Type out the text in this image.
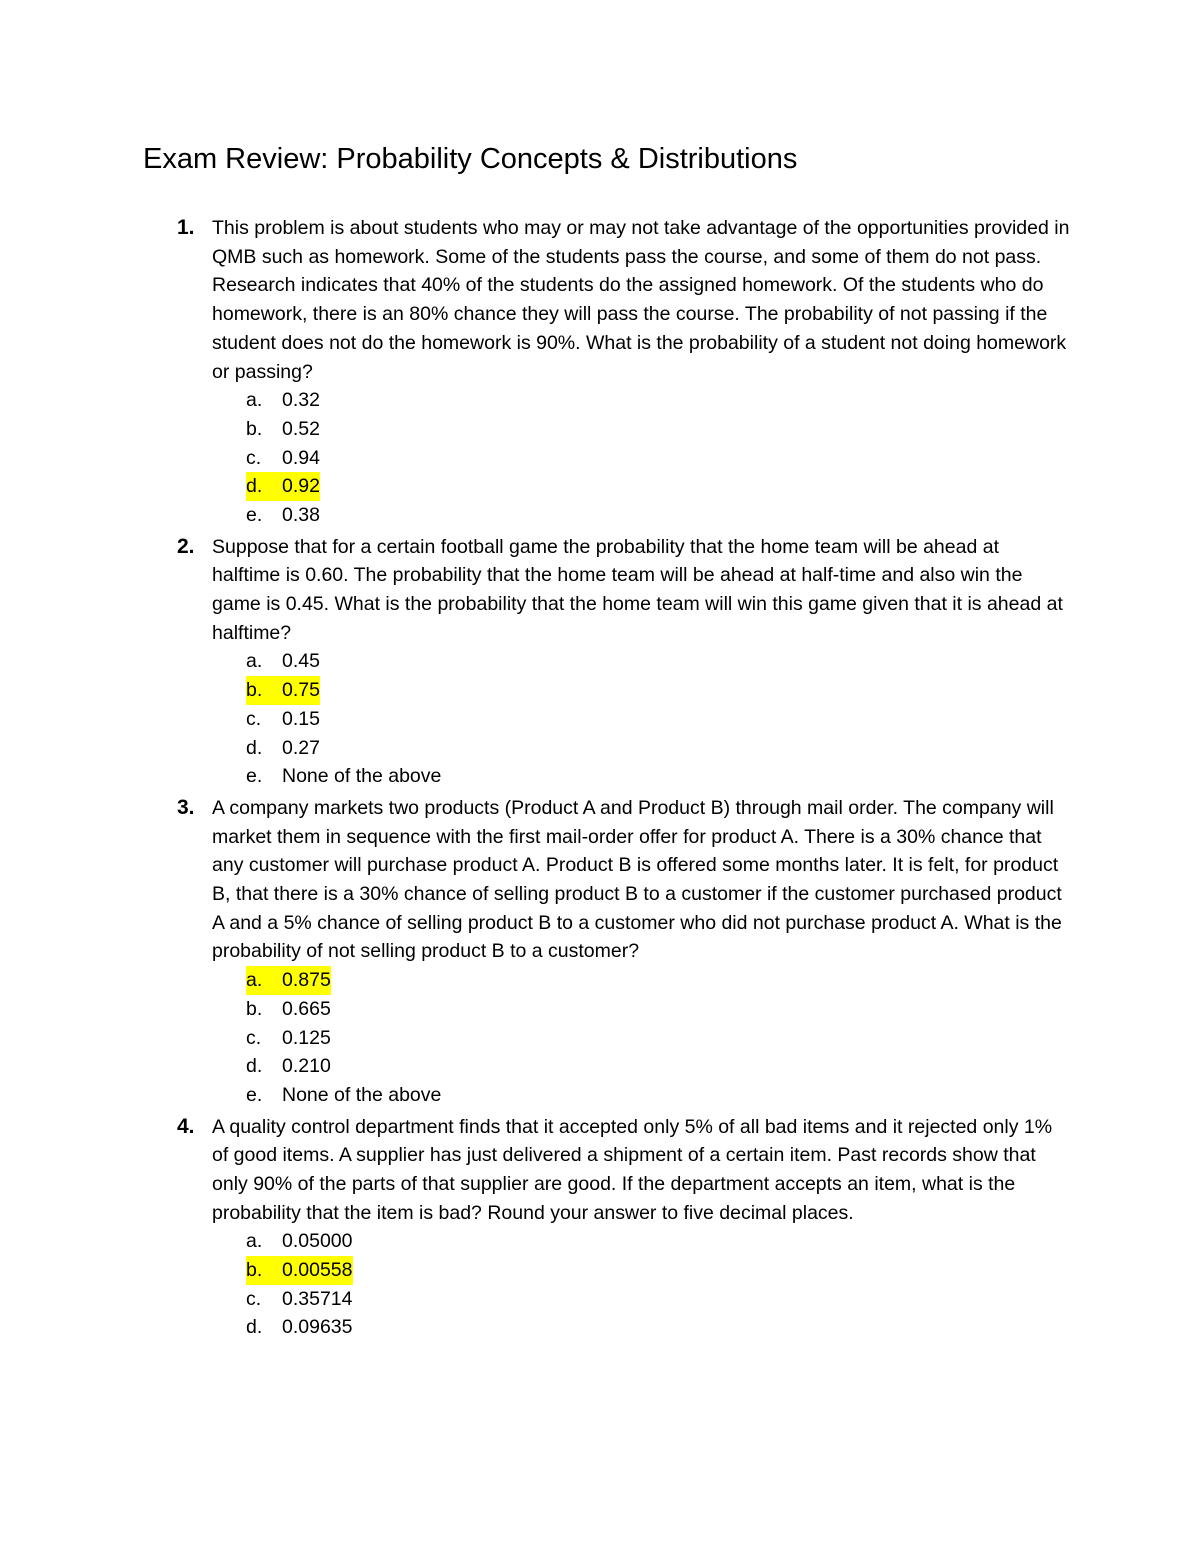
Exam Review: Probability Concepts & Distributions
1. This problem is about students who may or may not take advantage of the opportunities provided in QMB such as homework. Some of the students pass the course, and some of them do not pass. Research indicates that 40% of the students do the assigned homework. Of the students who do homework, there is an 80% chance they will pass the course. The probability of not passing if the student does not do the homework is 90%. What is the probability of a student not doing homework or passing?
a. 0.32
b. 0.52
c. 0.94
d. 0.92
e. 0.38
2. Suppose that for a certain football game the probability that the home team will be ahead at halftime is 0.60. The probability that the home team will be ahead at half-time and also win the game is 0.45. What is the probability that the home team will win this game given that it is ahead at halftime?
a. 0.45
b. 0.75
c. 0.15
d. 0.27
e. None of the above
3. A company markets two products (Product A and Product B) through mail order. The company will market them in sequence with the first mail-order offer for product A. There is a 30% chance that any customer will purchase product A. Product B is offered some months later. It is felt, for product B, that there is a 30% chance of selling product B to a customer if the customer purchased product A and a 5% chance of selling product B to a customer who did not purchase product A. What is the probability of not selling product B to a customer?
a. 0.875
b. 0.665
c. 0.125
d. 0.210
e. None of the above
4. A quality control department finds that it accepted only 5% of all bad items and it rejected only 1% of good items. A supplier has just delivered a shipment of a certain item. Past records show that only 90% of the parts of that supplier are good. If the department accepts an item, what is the probability that the item is bad? Round your answer to five decimal places.
a. 0.05000
b. 0.00558
c. 0.35714
d. 0.09635
